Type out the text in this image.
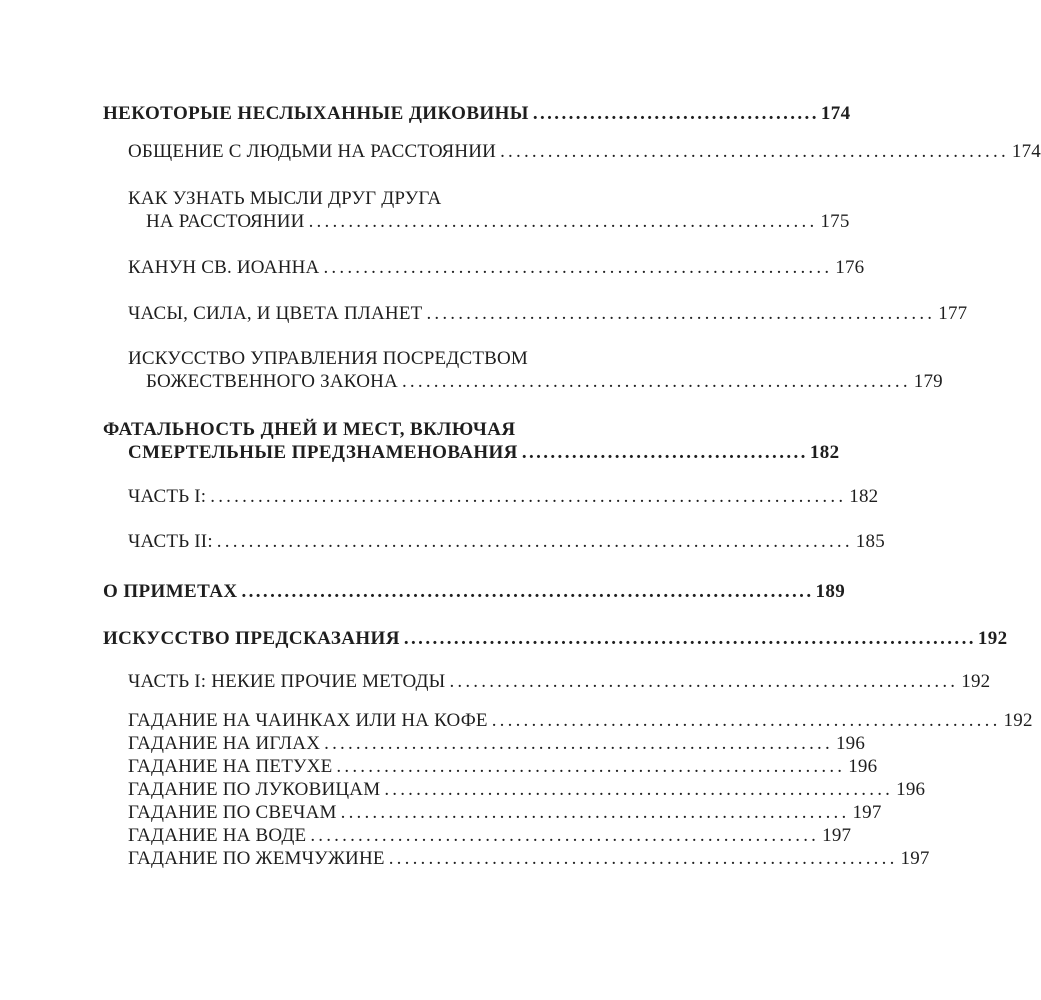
НЕКОТОРЫЕ НЕСЛЫХАННЫЕ ДИКОВИНЫ ........................................ 174
ОБЩЕНИЕ С ЛЮДЬМИ НА РАССТОЯНИИ ................................................................ 174
КАК УЗНАТЬ МЫСЛИ ДРУГ ДРУГА
НА РАССТОЯНИИ ................................................................ 175
КАНУН СВ. ИОАННА ................................................................ 176
ЧАСЫ, СИЛА, И ЦВЕТА ПЛАНЕТ ................................................................ 177
ИСКУССТВО УПРАВЛЕНИЯ ПОСРЕДСТВОМ
БОЖЕСТВЕННОГО ЗАКОНА ................................................................ 179
ФАТАЛЬНОСТЬ ДНЕЙ И МЕСТ, ВКЛЮЧАЯ
СМЕРТЕЛЬНЫЕ ПРЕДЗНАМЕНОВАНИЯ ........................................ 182
ЧАСТЬ I: ................................................................................ 182
ЧАСТЬ II: ................................................................................ 185
О ПРИМЕТАХ ................................................................................ 189
ИСКУССТВО ПРЕДСКАЗАНИЯ ................................................................................ 192
ЧАСТЬ I: НЕКИЕ ПРОЧИЕ МЕТОДЫ ................................................................ 192
ГАДАНИЕ НА ЧАИНКАХ ИЛИ НА КОФЕ ................................................................ 192
ГАДАНИЕ НА ИГЛАХ ................................................................ 196
ГАДАНИЕ НА ПЕТУХЕ ................................................................ 196
ГАДАНИЕ ПО ЛУКОВИЦАМ ................................................................ 196
ГАДАНИЕ ПО СВЕЧАМ ................................................................ 197
ГАДАНИЕ НА ВОДЕ ................................................................ 197
ГАДАНИЕ ПО ЖЕМЧУЖИНЕ ................................................................ 197
